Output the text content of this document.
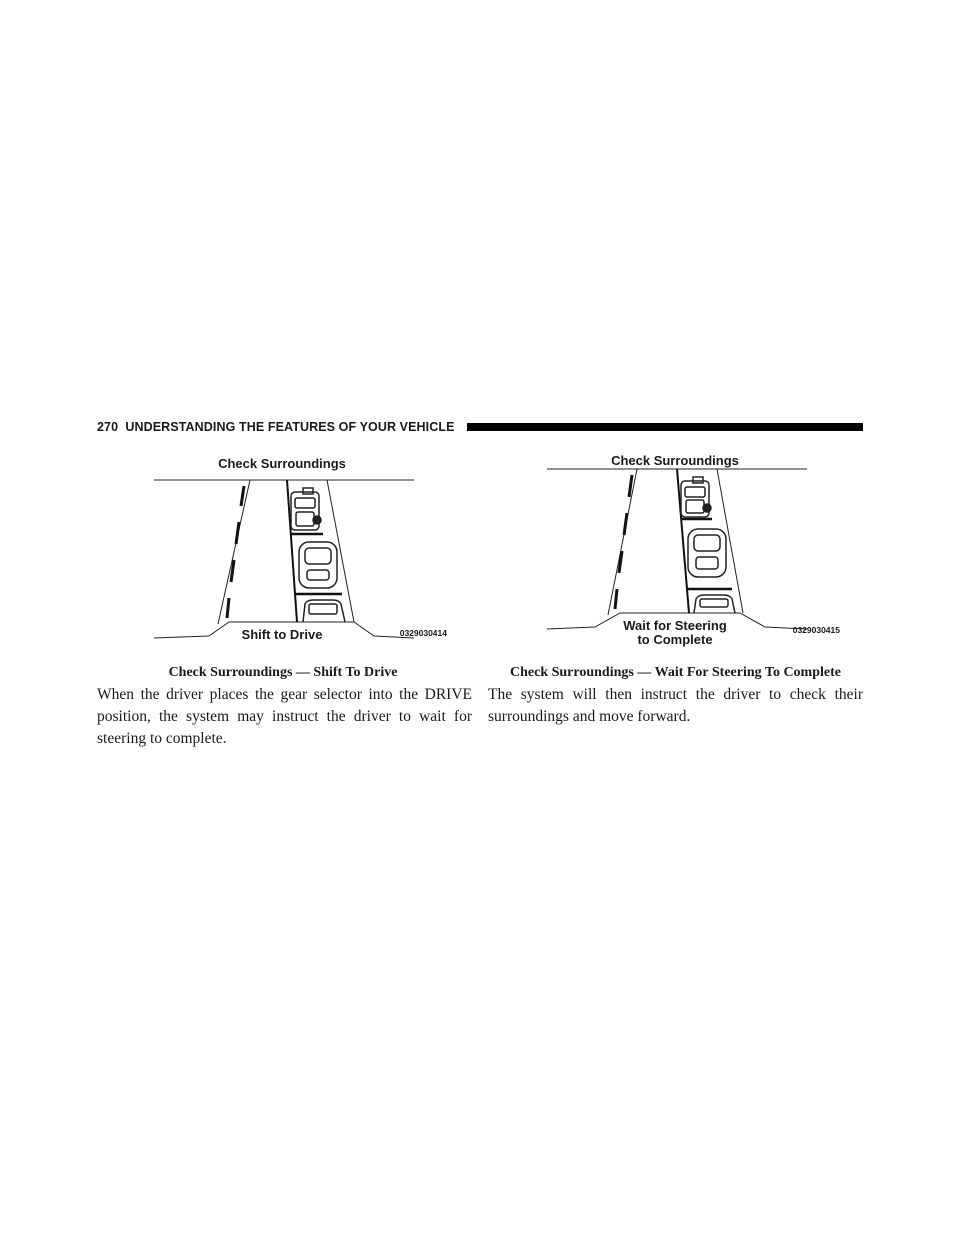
270 UNDERSTANDING THE FEATURES OF YOUR VEHICLE
Check Surroundings
Shift to Drive	0329030414
Check Surroundings
Wait for Steering
to Complete
0329030415
Check Surroundings — Shift To Drive	Check Surroundings — Wait For Steering To Complete

When the driver places the gear selector into the DRIVE position, the system may instruct the driver to wait for steering to complete.

The system will then instruct the driver to check their surroundings and move forward.
